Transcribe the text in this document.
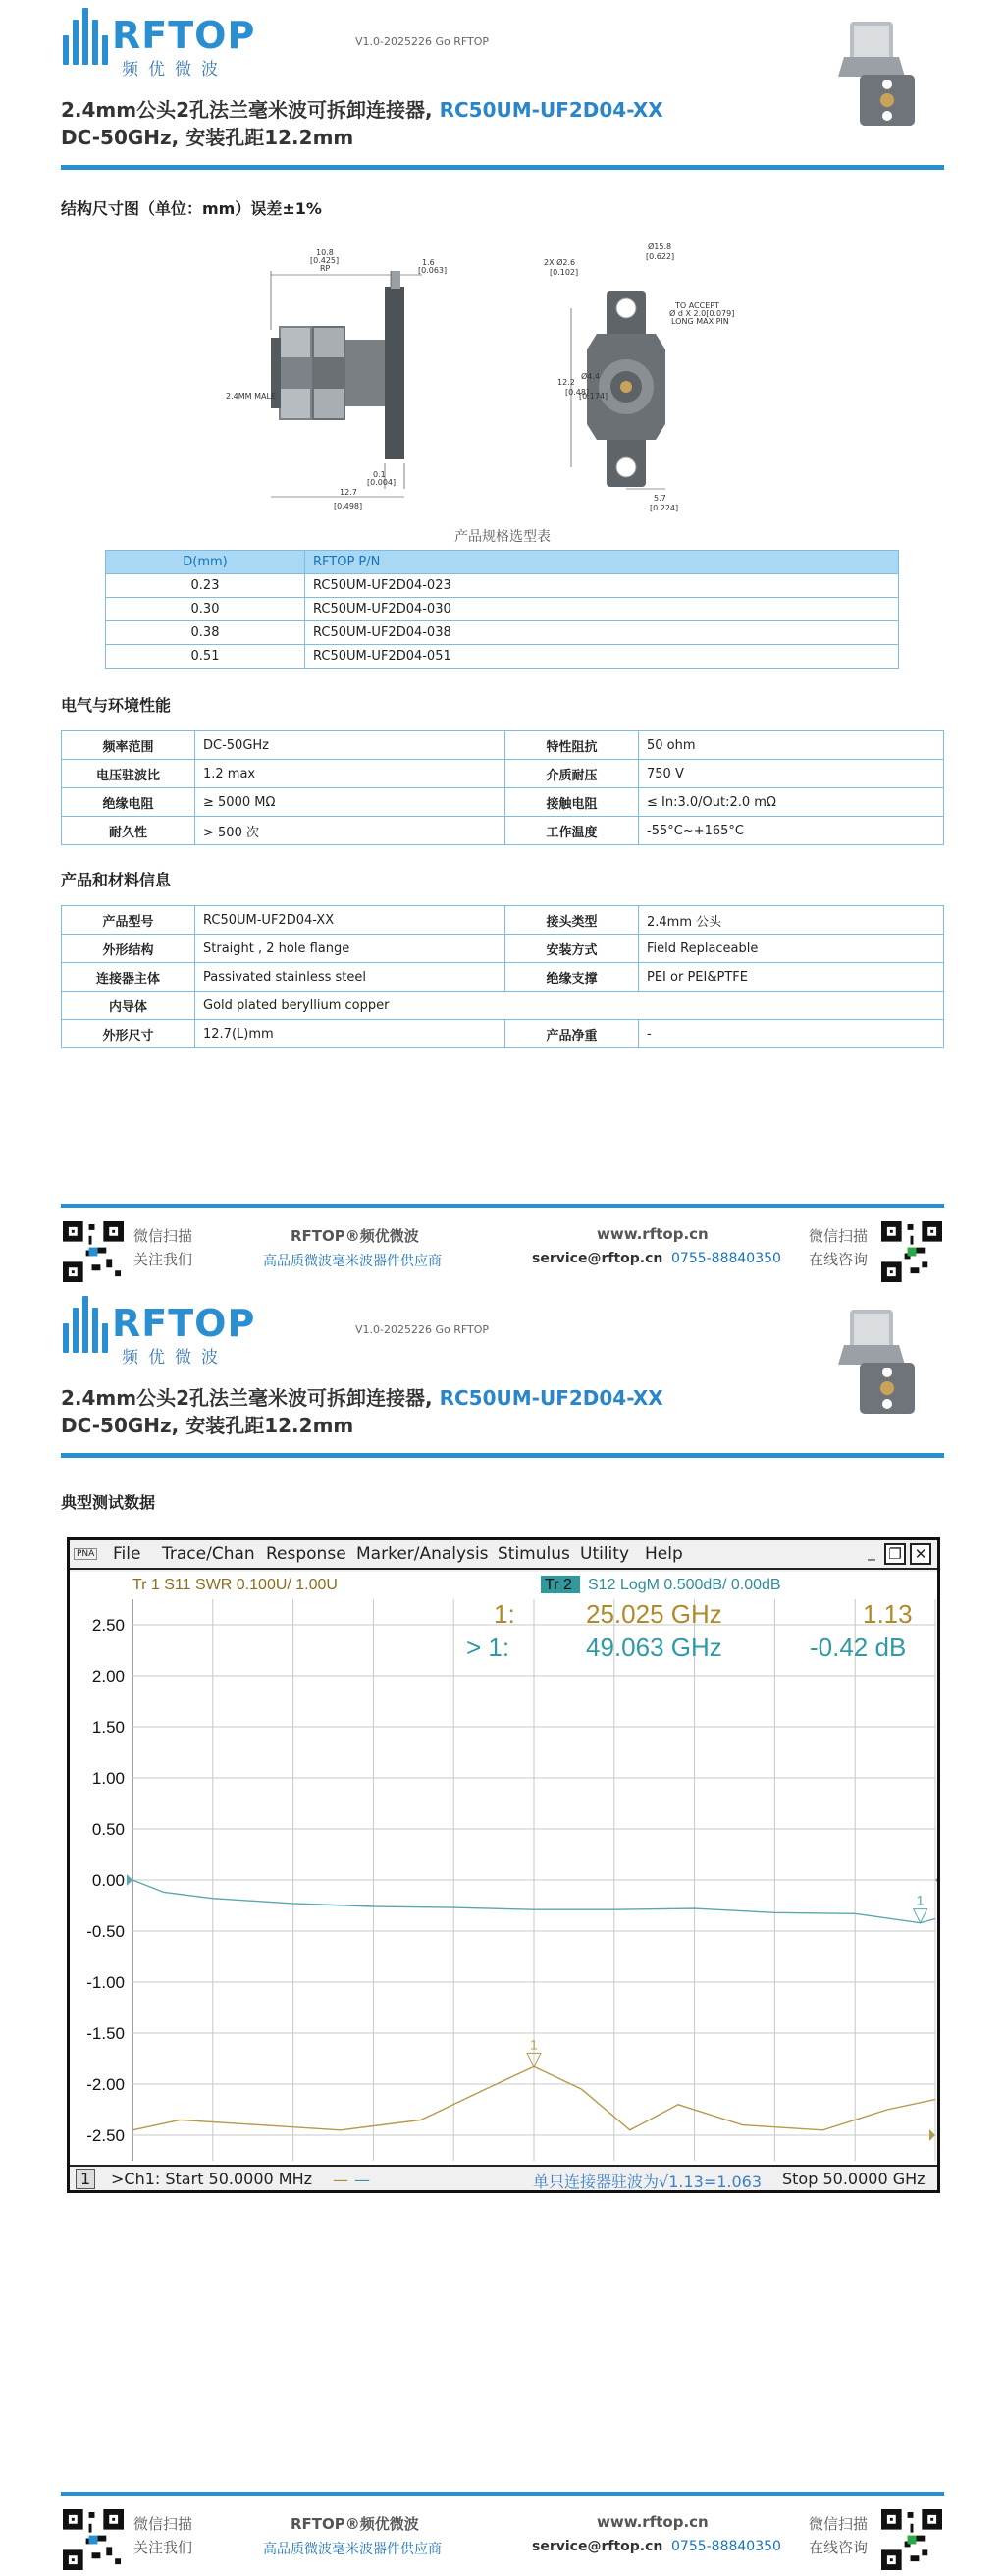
RFTOP
频优微波
V1.0-2025226 Go RFTOP
2.4mm公头2孔法兰毫米波可拆卸连接器, RC50UM-UF2D04-XX
DC-50GHz, 安装孔距12.2mm
结构尺寸图（单位：mm）误差±1%
10.8
[0.425]
RP
1.6
[0.063]
2.4MM MALE
0.1
[0.004]
12.7
[0.498]
2X Ø2.6
[0.102]
Ø15.8
[0.622]
TO ACCEPT
Ø d X 2.0[0.079]
LONG MAX PIN
12.2
[0.48]
Ø4.4
[0.174]
5.7
[0.224]
产品规格选型表
D(mm)	RFTOP P/N
0.23	RC50UM-UF2D04-023
0.30	RC50UM-UF2D04-030
0.38	RC50UM-UF2D04-038
0.51	RC50UM-UF2D04-051
电气与环境性能
频率范围	DC-50GHz	特性阻抗	50 ohm
电压驻波比	1.2 max	介质耐压	750 V
绝缘电阻	≥ 5000 MΩ	接触电阻	≤ In:3.0/Out:2.0 mΩ
耐久性	> 500 次	工作温度	-55°C~+165°C
产品和材料信息
产品型号	RC50UM-UF2D04-XX	接头类型	2.4mm 公头
外形结构	Straight , 2 hole flange	安装方式	Field Replaceable
连接器主体	Passivated stainless steel	绝缘支撑	PEI or PEI&PTFE
内导体	Gold plated beryllium copper		
外形尺寸	12.7(L)mm	产品净重	-
微信扫描
关注我们
RFTOP®频优微波
高品质微波毫米波器件供应商
www.rftop.cn
service@rftop.cn 0755-88840350
微信扫描
在线咨询
RFTOP
频优微波
V1.0-2025226 Go RFTOP
2.4mm公头2孔法兰毫米波可拆卸连接器, RC50UM-UF2D04-XX
DC-50GHz, 安装孔距12.2mm
典型测试数据
微信扫描
关注我们
RFTOP®频优微波
高品质微波毫米波器件供应商
www.rftop.cn
service@rftop.cn 0755-88840350
微信扫描
在线咨询
PNA File Trace/Chan Response Marker/Analysis Stimulus Utility Help	_ ❐ ✕
Tr 1 S11 SWR 0.100U/ 1.00U	Tr 2 S12 LogM 0.500dB/ 0.00dB
2.50
2.00
1.50
1.00
0.50
0.00
-0.50
-1.00
-1.50
-2.00
-2.50
1
1
1:	25.025 GHz	1.13
> 1:	49.063 GHz	-0.42 dB
1	>Ch1: Start 50.0000 MHz — —	单只连接器驻波为√1.13=1.063 Stop 50.0000 GHz
